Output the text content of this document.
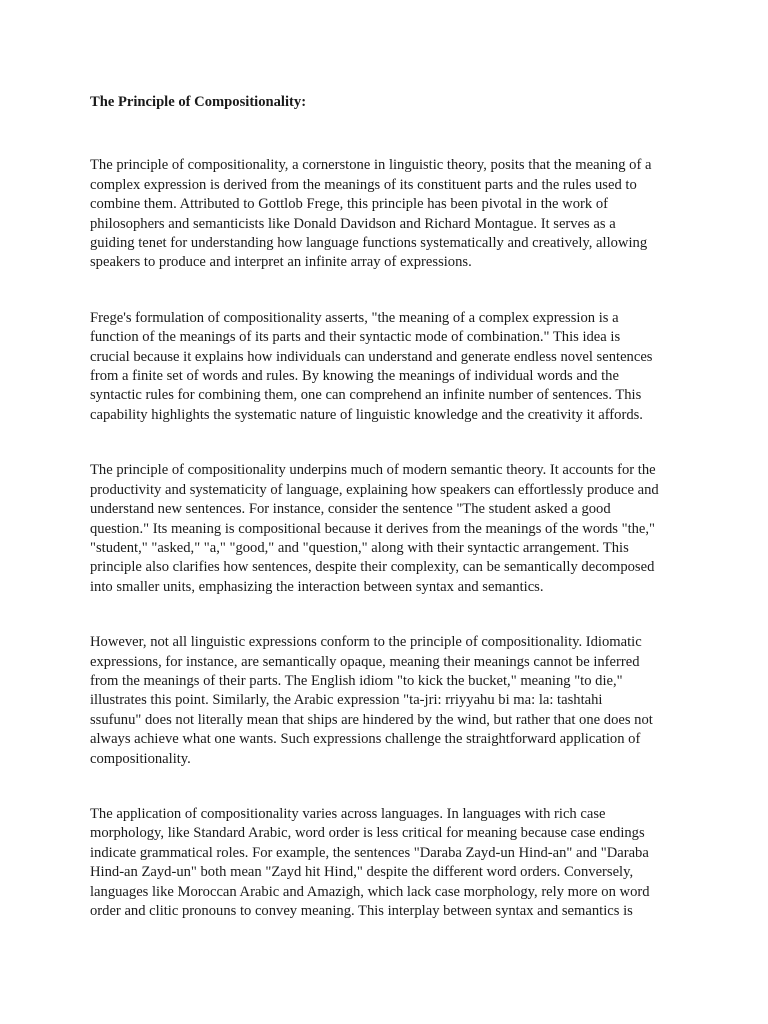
The Principle of Compositionality:
The principle of compositionality, a cornerstone in linguistic theory, posits that the meaning of a
complex expression is derived from the meanings of its constituent parts and the rules used to
combine them. Attributed to Gottlob Frege, this principle has been pivotal in the work of
philosophers and semanticists like Donald Davidson and Richard Montague. It serves as a
guiding tenet for understanding how language functions systematically and creatively, allowing
speakers to produce and interpret an infinite array of expressions.
Frege's formulation of compositionality asserts, "the meaning of a complex expression is a
function of the meanings of its parts and their syntactic mode of combination." This idea is
crucial because it explains how individuals can understand and generate endless novel sentences
from a finite set of words and rules. By knowing the meanings of individual words and the
syntactic rules for combining them, one can comprehend an infinite number of sentences. This
capability highlights the systematic nature of linguistic knowledge and the creativity it affords.
The principle of compositionality underpins much of modern semantic theory. It accounts for the
productivity and systematicity of language, explaining how speakers can effortlessly produce and
understand new sentences. For instance, consider the sentence "The student asked a good
question." Its meaning is compositional because it derives from the meanings of the words "the,"
"student," "asked," "a," "good," and "question," along with their syntactic arrangement. This
principle also clarifies how sentences, despite their complexity, can be semantically decomposed
into smaller units, emphasizing the interaction between syntax and semantics.
However, not all linguistic expressions conform to the principle of compositionality. Idiomatic
expressions, for instance, are semantically opaque, meaning their meanings cannot be inferred
from the meanings of their parts. The English idiom "to kick the bucket," meaning "to die,"
illustrates this point. Similarly, the Arabic expression "ta-jri: rriyyahu bi ma: la: tashtahi
ssufunu" does not literally mean that ships are hindered by the wind, but rather that one does not
always achieve what one wants. Such expressions challenge the straightforward application of
compositionality.
The application of compositionality varies across languages. In languages with rich case
morphology, like Standard Arabic, word order is less critical for meaning because case endings
indicate grammatical roles. For example, the sentences "Daraba Zayd-un Hind-an" and "Daraba
Hind-an Zayd-un" both mean "Zayd hit Hind," despite the different word orders. Conversely,
languages like Moroccan Arabic and Amazigh, which lack case morphology, rely more on word
order and clitic pronouns to convey meaning. This interplay between syntax and semantics is
